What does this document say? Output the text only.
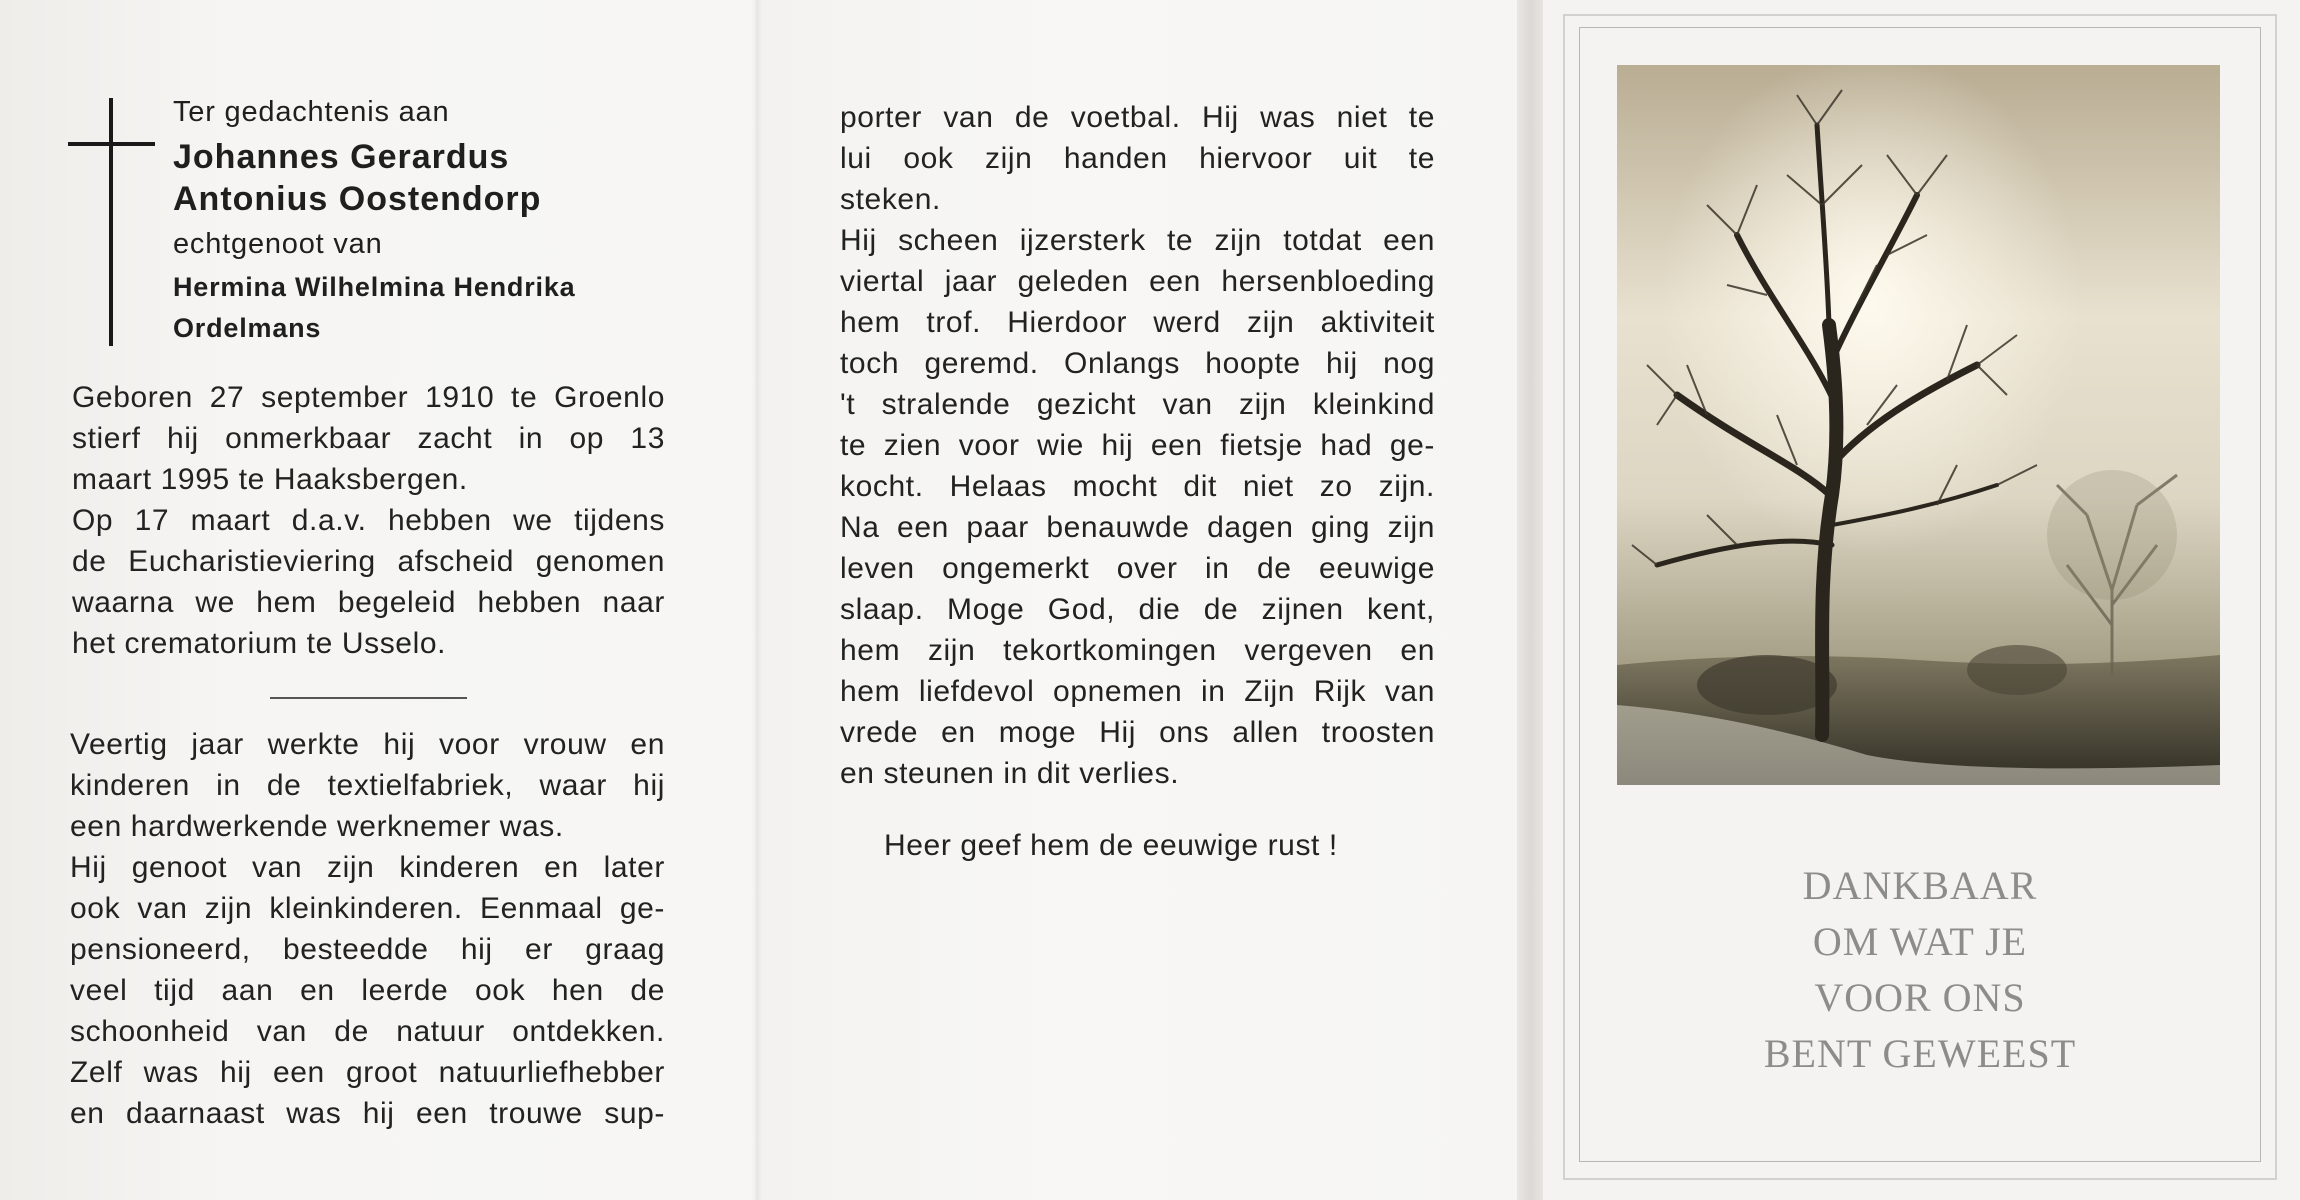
Ter gedachtenis aan
Johannes Gerardus
Antonius Oostendorp
echtgenoot van
Hermina Wilhelmina Hendrika
Ordelmans
Geboren 27 september 1910 te Groenlo
stierf hij onmerkbaar zacht in op 13
maart 1995 te Haaksbergen.
Op 17 maart d.a.v. hebben we tijdens
de Eucharistieviering afscheid genomen
waarna we hem begeleid hebben naar
het crematorium te Usselo.
Veertig jaar werkte hij voor vrouw en
kinderen in de textielfabriek, waar hij
een hardwerkende werknemer was.
Hij genoot van zijn kinderen en later
ook van zijn kleinkinderen. Eenmaal ge-
pensioneerd, besteedde hij er graag
veel tijd aan en leerde ook hen de
schoonheid van de natuur ontdekken.
Zelf was hij een groot natuurliefhebber
en daarnaast was hij een trouwe sup-
porter van de voetbal. Hij was niet te
lui ook zijn handen hiervoor uit te
steken.
Hij scheen ijzersterk te zijn totdat een
viertal jaar geleden een hersenbloeding
hem trof. Hierdoor werd zijn aktiviteit
toch geremd. Onlangs hoopte hij nog
't stralende gezicht van zijn kleinkind
te zien voor wie hij een fietsje had ge-
kocht. Helaas mocht dit niet zo zijn.
Na een paar benauwde dagen ging zijn
leven ongemerkt over in de eeuwige
slaap. Moge God, die de zijnen kent,
hem zijn tekortkomingen vergeven en
hem liefdevol opnemen in Zijn Rijk van
vrede en moge Hij ons allen troosten
en steunen in dit verlies.
Heer geef hem de eeuwige rust !
DANKBAAR
OM WAT JE
VOOR ONS
BENT GEWEEST
